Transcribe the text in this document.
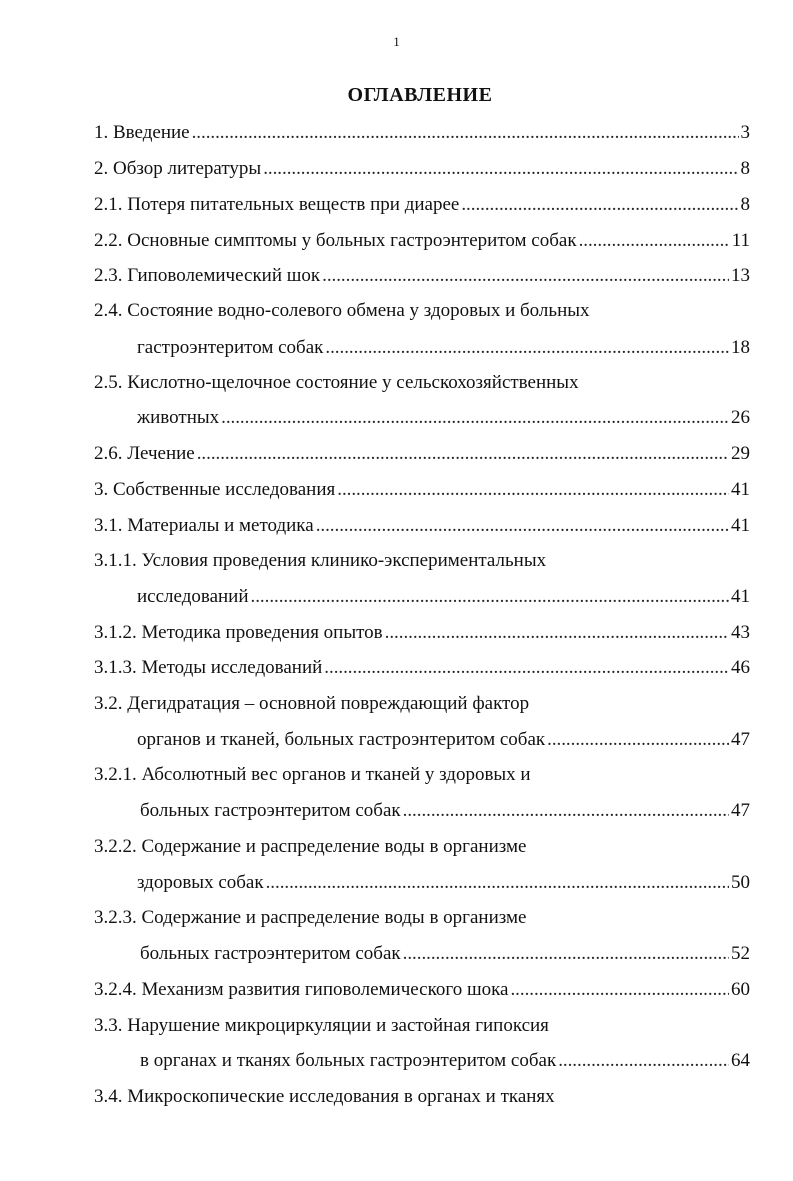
1
ОГЛАВЛЕНИЕ
1. Введение . . .	3
2. Обзор литературы . . .	8
2.1. Потеря питательных веществ при диарее . . .	8
2.2. Основные симптомы у больных гастроэнтеритом собак . . .	11
2.3. Гиповолемический шок . . .	13
2.4. Состояние водно-солевого обмена у здоровых и больных
гастроэнтеритом собак . . .	18
2.5. Кислотно-щелочное состояние у сельскохозяйственных
животных . . .	26
2.6. Лечение . . .	29
3. Собственные исследования . . .	41
3.1. Материалы и методика . . .	41
3.1.1. Условия проведения клинико-экспериментальных
исследований . . .	41
3.1.2. Методика проведения опытов . . .	43
3.1.3. Методы исследований . . .	46
3.2. Дегидратация – основной повреждающий фактор
органов и тканей, больных гастроэнтеритом собак . . .	47
3.2.1. Абсолютный вес органов и тканей у здоровых и
больных гастроэнтеритом собак . . .	47
3.2.2. Содержание и распределение воды в организме
здоровых собак . . .	50
3.2.3. Содержание и распределение воды в организме
больных гастроэнтеритом собак . . .	52
3.2.4. Механизм развития гиповолемического шока . . .	60
3.3. Нарушение микроциркуляции и застойная гипоксия
в органах и тканях больных гастроэнтеритом собак . . .	64
3.4. Микроскопические исследования в органах и тканях
